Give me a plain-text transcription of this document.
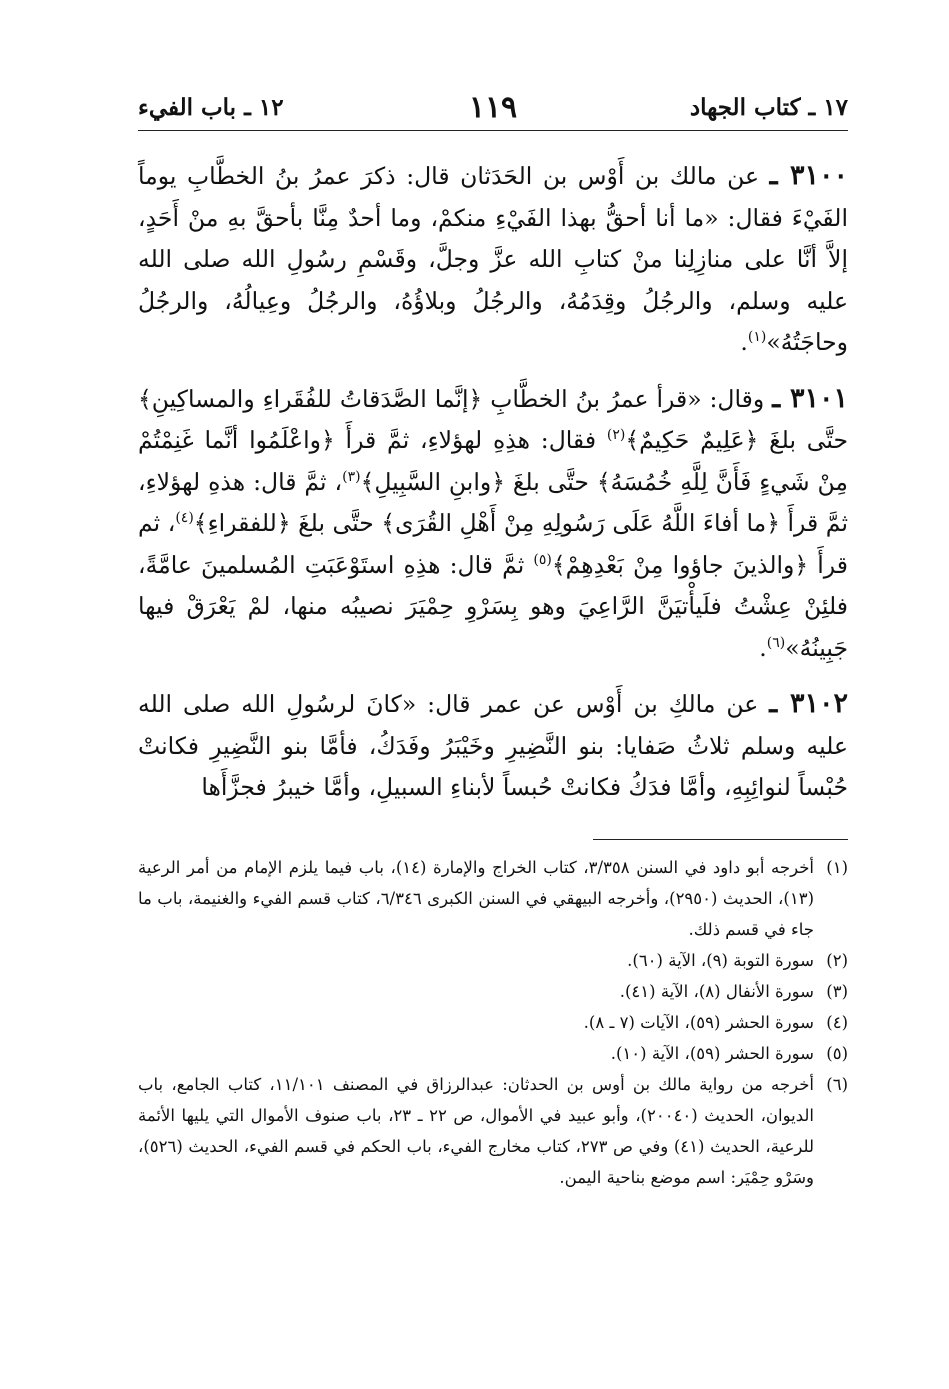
١٧ ـ كتاب الجهاد
١١٩
١٢ ـ باب الفيء

٣١٠٠ ـ عن مالك بن أَوْس بن الحَدَثان قال: ذكرَ عمرُ بنُ الخطَّابِ يوماً الفَيْءَ فقال: «ما أنا أحقُّ بهذا الفَيْءِ منكمْ، وما أحدٌ مِنَّا بأحقَّ بهِ منْ أَحَدٍ، إلاَّ أنَّا على منازِلِنا منْ كتابِ الله عزَّ وجلَّ، وقَسْمِ رسُولِ الله صلى الله عليه وسلم، والرجُلُ وقِدَمُهُ، والرجُلُ وبلاؤُهُ، والرجُلُ وعِيالُهُ، والرجُلُ وحاجَتُهُ»$^{(١)}$.

٣١٠١ ـ وقال: «قرأ عمرُ بنُ الخطَّابِ ﴿إنَّما الصَّدَقاتُ للفُقَراءِ والمساكِينِ﴾ حتَّى بلغَ ﴿عَلِيمٌ حَكِيمٌ﴾$^{(٢)}$ فقال: هذِهِ لهؤلاءِ، ثمَّ قرأَ ﴿واعْلَمُوا أنَّما غَنِمْتُمْ مِنْ شَيءٍ فَأَنَّ لِلَّهِ خُمُسَهُ﴾ حتَّى بلغَ ﴿وابنِ السَّبِيلِ﴾$^{(٣)}$، ثمَّ قال: هذهِ لهؤلاءِ، ثمَّ قرأَ ﴿ما أفاءَ اللَّهُ عَلَى رَسُولِهِ مِنْ أَهْلِ القُرَى﴾ حتَّى بلغَ ﴿للفقراءِ﴾$^{(٤)}$، ثم قرأَ ﴿والذينَ جاؤوا مِنْ بَعْدِهِمْ﴾$^{(٥)}$ ثمَّ قال: هذِهِ استَوْعَبَتِ المُسلمينَ عامَّةً، فلئِنْ عِشْتُ فلَيأْتيَنَّ الرَّاعِيَ وهو بِسَرْوِ حِمْيَرَ نصيبُه منها، لمْ يَعْرَقْ فيها جَبِينُهُ»$^{(٦)}$.

٣١٠٢ ـ عن مالكِ بن أَوْس عن عمر قال: «كانَ لرسُولِ الله صلى الله عليه وسلم ثلاثُ صَفايا: بنو النَّضِيرِ وخَيْبَرُ وفَدَكُ، فأمَّا بنو النَّضِيرِ فكانتْ حُبْساً لنوائِبِهِ، وأمَّا فدَكُ فكانتْ حُبساً لأبناءِ السبيلِ، وأمَّا خيبرُ فجزَّأَها

(١)
أخرجه أبو داود في السنن ٣/٣٥٨، كتاب الخراج والإمارة (١٤)، باب فيما يلزم الإمام من أمر الرعية (١٣)، الحديث (٢٩٥٠)، وأخرجه البيهقي في السنن الكبرى ٦/٣٤٦، كتاب قسم الفيء والغنيمة، باب ما جاء في قسم ذلك.
(٢)
سورة التوبة (٩)، الآية (٦٠).
(٣)
سورة الأنفال (٨)، الآية (٤١).
(٤)
سورة الحشر (٥٩)، الآيات (٧ ـ ٨).
(٥)
سورة الحشر (٥٩)، الآية (١٠).
(٦)
أخرجه من رواية مالك بن أوس بن الحدثان: عبدالرزاق في المصنف ١١/١٠١، كتاب الجامع، باب الديوان، الحديث (٢٠٠٤٠)، وأبو عبيد في الأموال، ص ٢٢ ـ ٢٣، باب صنوف الأموال التي يليها الأئمة للرعية، الحديث (٤١) وفي ص ٢٧٣، كتاب مخارج الفيء، باب الحكم في قسم الفيء، الحديث (٥٢٦)، وسَرْو حِمْيَر: اسم موضع بناحية اليمن.
